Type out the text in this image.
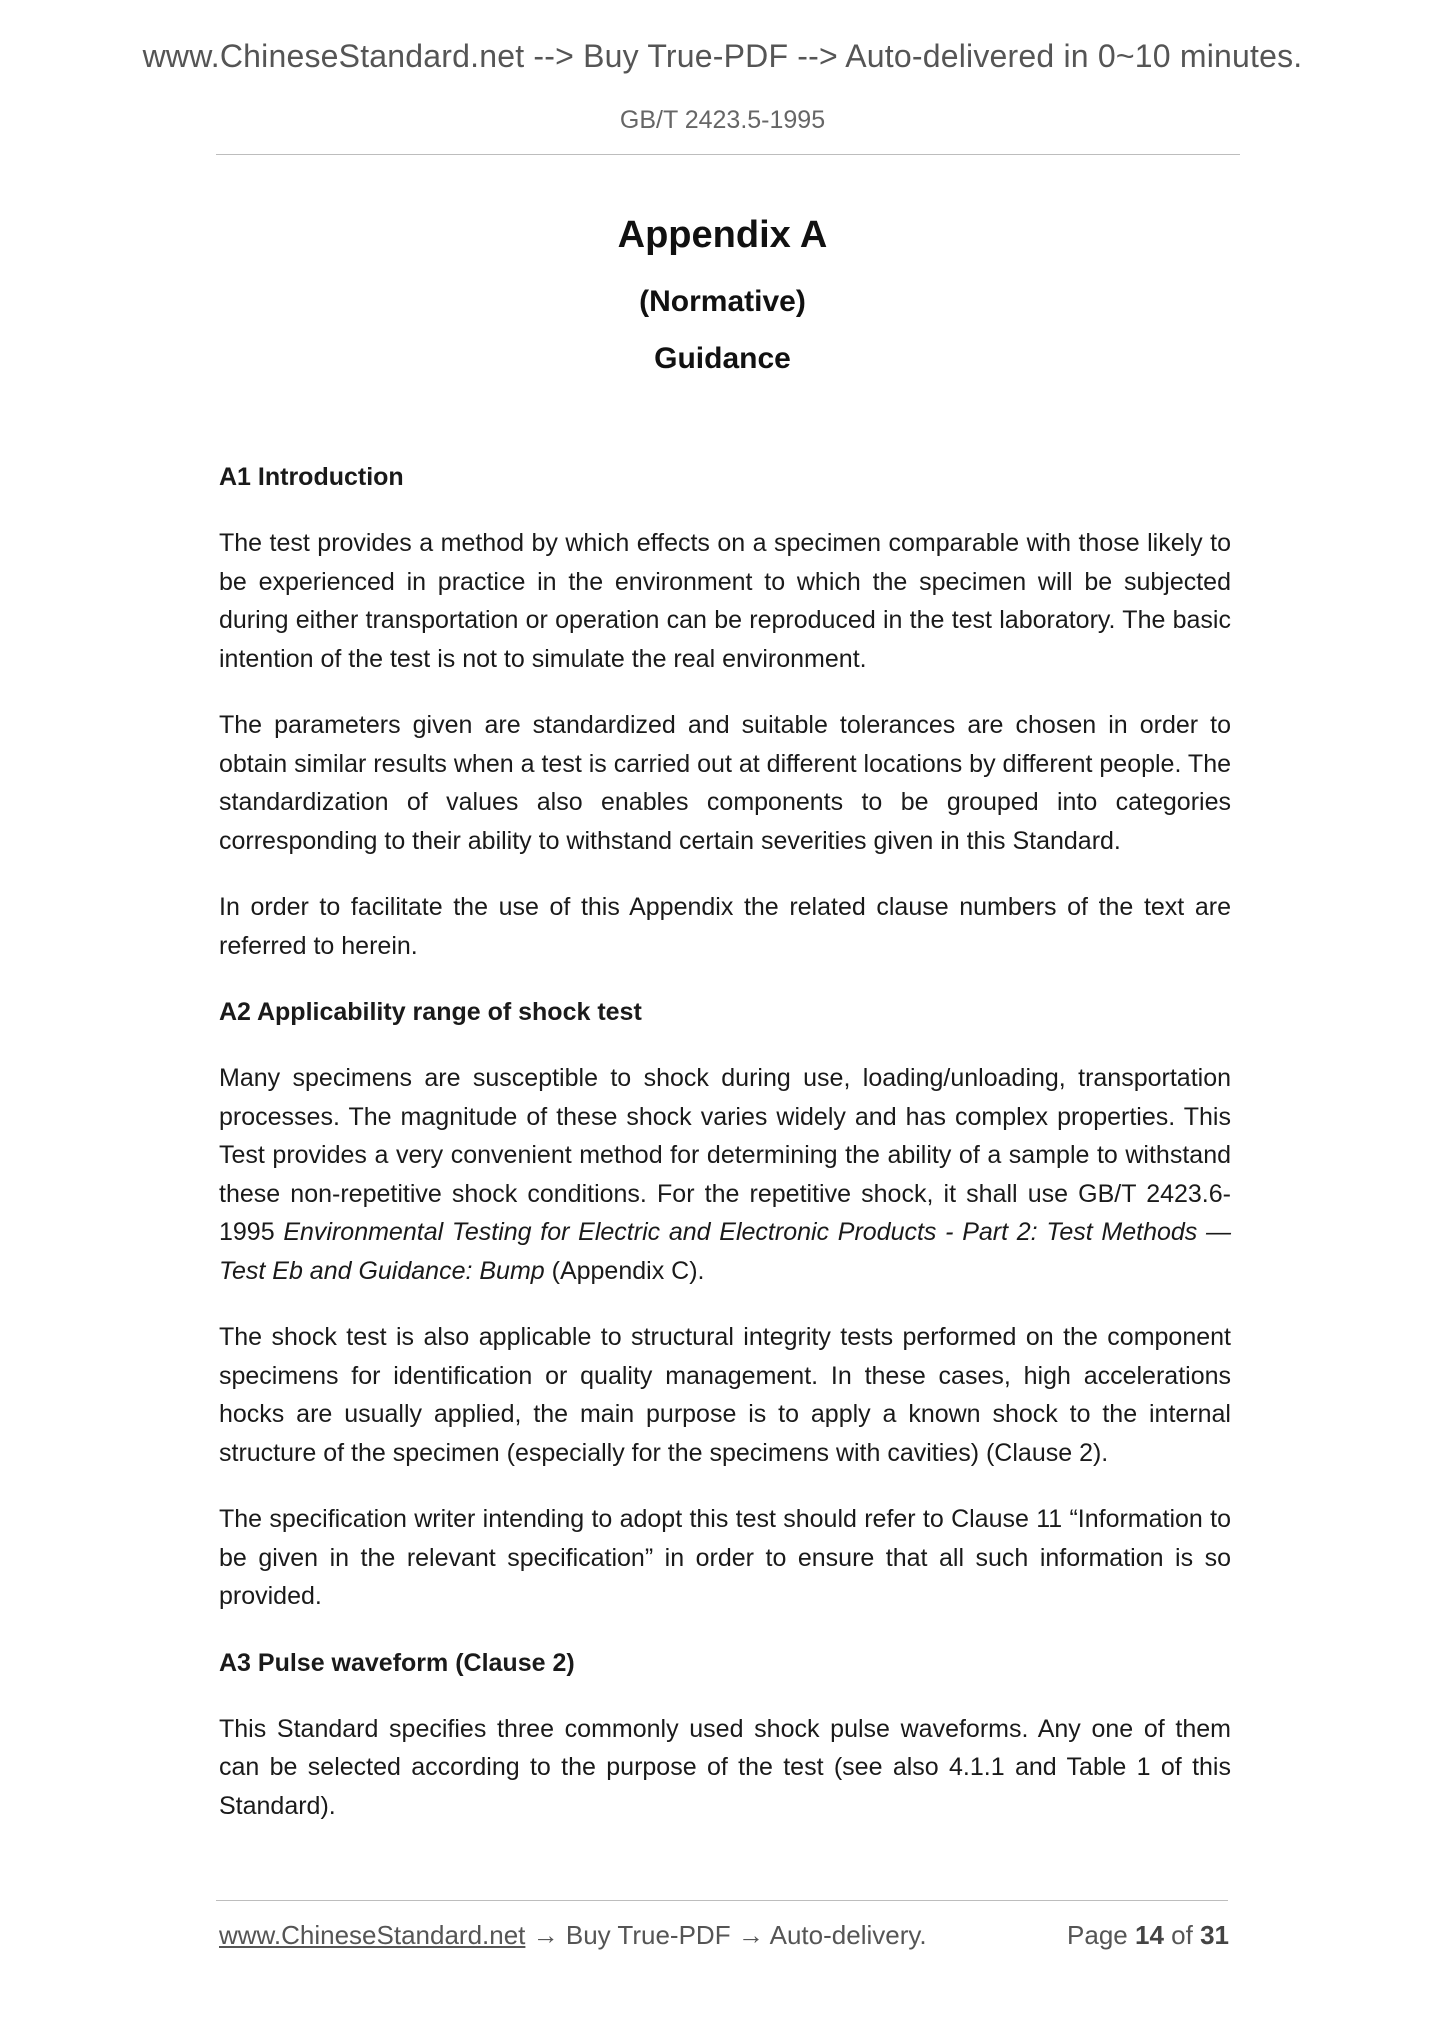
www.ChineseStandard.net --> Buy True-PDF --> Auto-delivered in 0~10 minutes.
GB/T 2423.5-1995
Appendix A
(Normative)
Guidance
A1 Introduction

The test provides a method by which effects on a specimen comparable with those likely to be experienced in practice in the environment to which the specimen will be subjected during either transportation or operation can be reproduced in the test laboratory. The basic intention of the test is not to simulate the real environment.

The parameters given are standardized and suitable tolerances are chosen in order to obtain similar results when a test is carried out at different locations by different people. The standardization of values also enables components to be grouped into categories corresponding to their ability to withstand certain severities given in this Standard.

In order to facilitate the use of this Appendix the related clause numbers of the text are referred to herein.

A2 Applicability range of shock test

Many specimens are susceptible to shock during use, loading/unloading, transportation processes. The magnitude of these shock varies widely and has complex properties. This Test provides a very convenient method for determining the ability of a sample to withstand these non-repetitive shock conditions. For the repetitive shock, it shall use GB/T 2423.6-1995 Environmental Testing for Electric and Electronic Products - Part 2: Test Methods —Test Eb and Guidance: Bump (Appendix C).

The shock test is also applicable to structural integrity tests performed on the component specimens for identification or quality management. In these cases, high accelerations hocks are usually applied, the main purpose is to apply a known shock to the internal structure of the specimen (especially for the specimens with cavities) (Clause 2).

The specification writer intending to adopt this test should refer to Clause 11 “Information to be given in the relevant specification” in order to ensure that all such information is so provided.

A3 Pulse waveform (Clause 2)

This Standard specifies three commonly used shock pulse waveforms. Any one of them can be selected according to the purpose of the test (see also 4.1.1 and Table 1 of this Standard).

www.ChineseStandard.net → Buy True-PDF → Auto-delivery.	Page 14 of 31
